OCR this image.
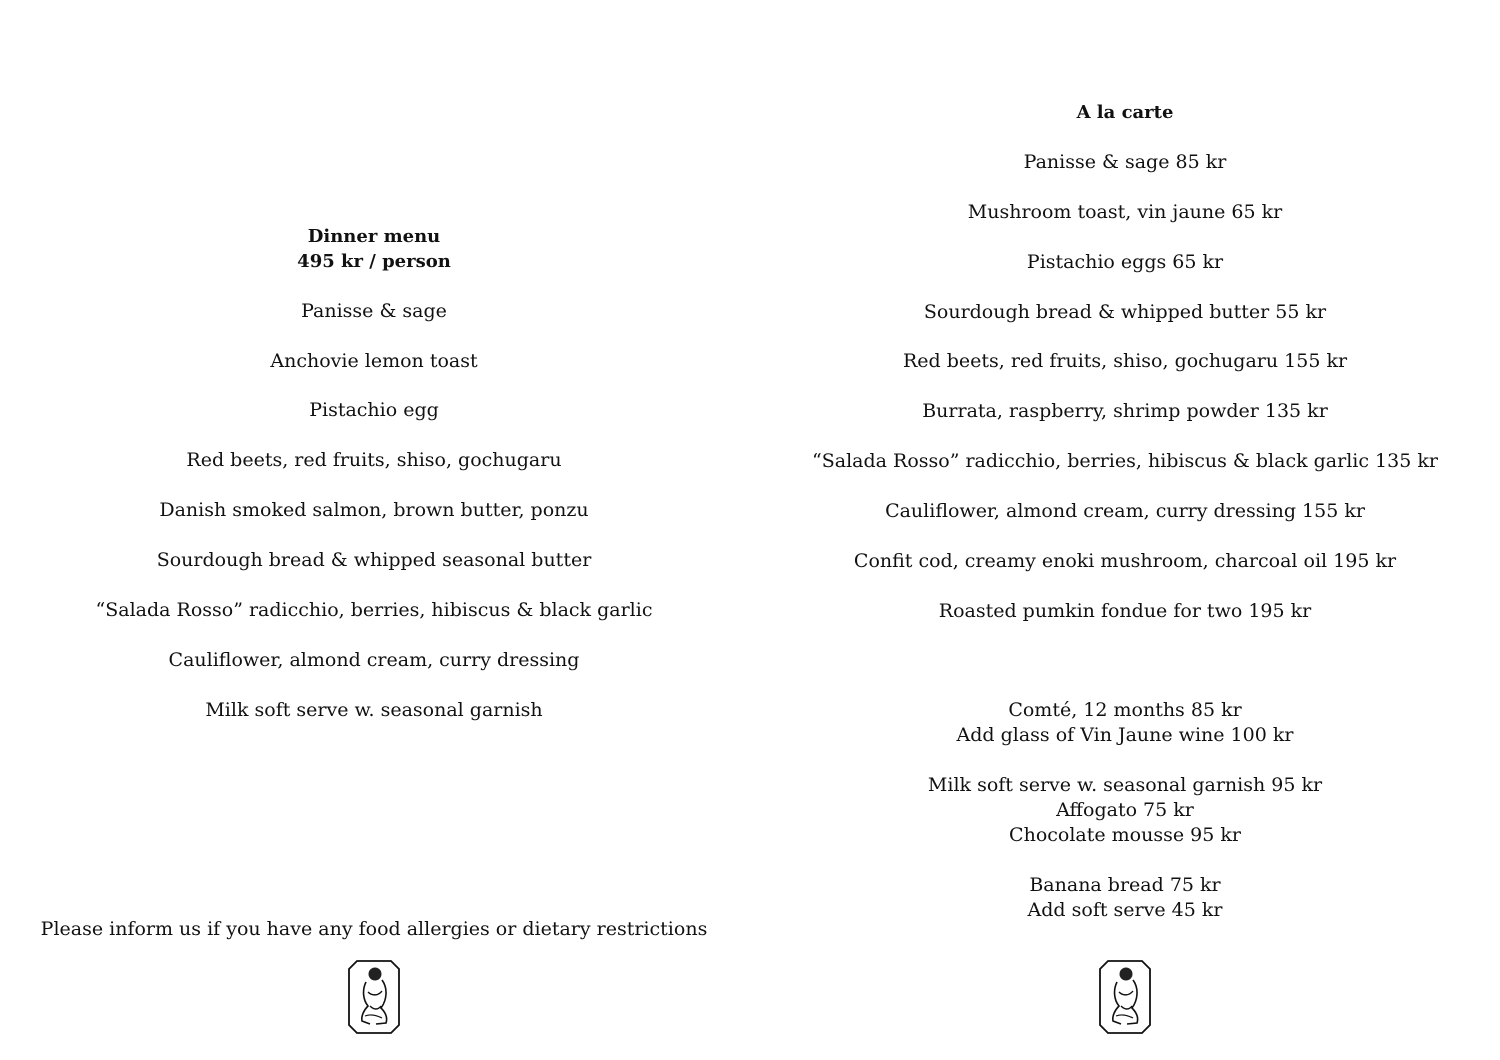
Dinner menu
495 kr / person
Panisse & sage
Anchovie lemon toast
Pistachio egg
Red beets, red fruits, shiso, gochugaru
Danish smoked salmon, brown butter, ponzu
Sourdough bread & whipped seasonal butter
“Salada Rosso” radicchio, berries, hibiscus & black garlic
Cauliflower, almond cream, curry dressing
Milk soft serve w. seasonal garnish
Please inform us if you have any food allergies or dietary restrictions
A la carte
Panisse & sage 85 kr
Mushroom toast, vin jaune 65 kr
Pistachio eggs 65 kr
Sourdough bread & whipped butter 55 kr
Red beets, red fruits, shiso, gochugaru 155 kr
Burrata, raspberry, shrimp powder 135 kr
“Salada Rosso” radicchio, berries, hibiscus & black garlic 135 kr
Cauliflower, almond cream, curry dressing 155 kr
Confit cod, creamy enoki mushroom, charcoal oil 195 kr
Roasted pumkin fondue for two 195 kr
Comté, 12 months 85 kr
Add glass of Vin Jaune wine 100 kr
Milk soft serve w. seasonal garnish 95 kr
Affogato 75 kr
Chocolate mousse 95 kr
Banana bread 75 kr
Add soft serve 45 kr
